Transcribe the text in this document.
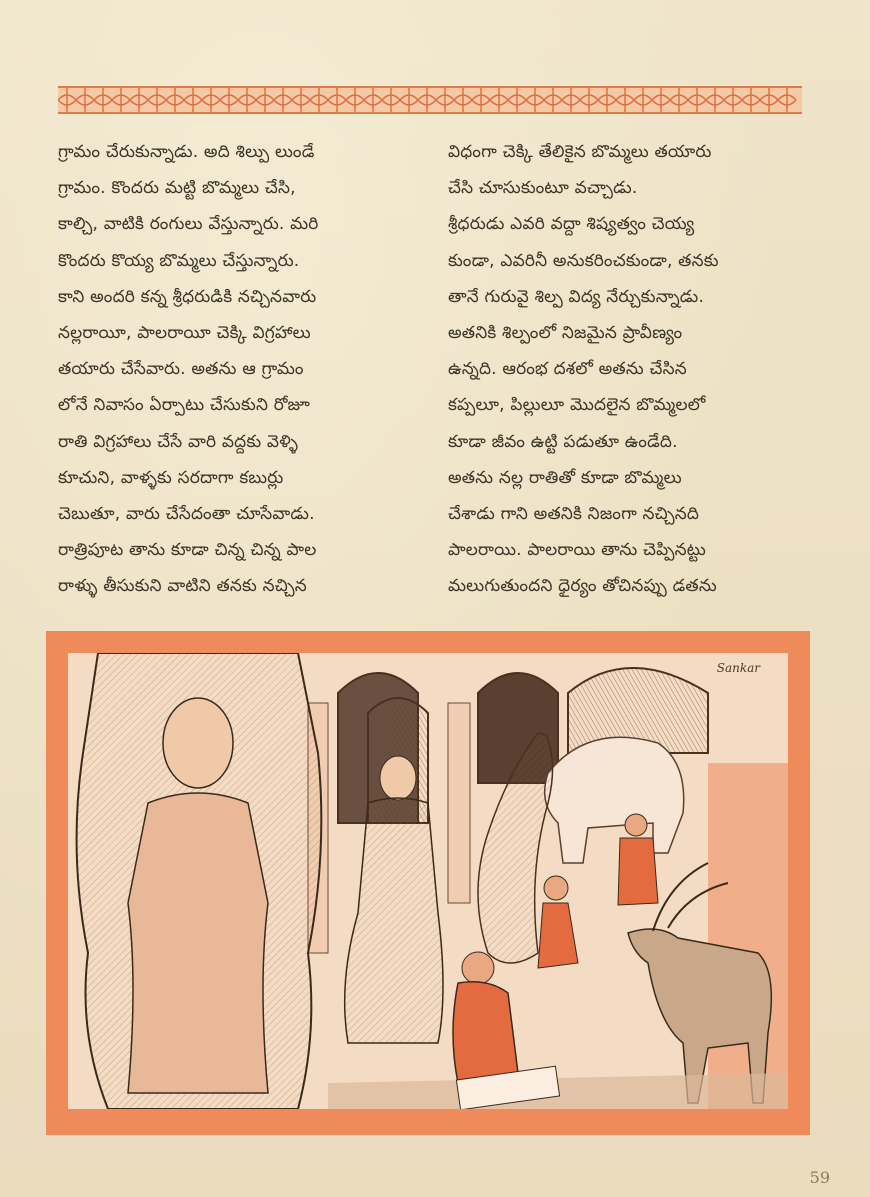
గ్రామం చేరుకున్నాడు. అది శిల్పు లుండే
గ్రామం. కొందరు మట్టి బొమ్మలు చేసి,
కాల్చి, వాటికి రంగులు వేస్తున్నారు. మరి
కొందరు కొయ్య బొమ్మలు చేస్తున్నారు.
కాని అందరి కన్న శ్రీధరుడికి నచ్చినవారు
నల్లరాయీ, పాలరాయీ చెక్కి విగ్రహాలు
తయారు చేసేవారు. అతను ఆ గ్రామం
లోనే నివాసం ఏర్పాటు చేసుకుని రోజూ
రాతి విగ్రహాలు చేసే వారి వద్దకు వెళ్ళి
కూచుని, వాళ్ళకు సరదాగా కబుర్లు
చెబుతూ, వారు చేసేదంతా చూసేవాడు.
రాత్రిపూట తాను కూడా చిన్న చిన్న పాల
రాళ్ళు తీసుకుని వాటిని తనకు నచ్చిన
విధంగా చెక్కి తేలికైన బొమ్మలు తయారు
చేసి చూసుకుంటూ వచ్చాడు.
శ్రీధరుడు ఎవరి వద్దా శిష్యత్వం చెయ్య
కుండా, ఎవరినీ అనుకరించకుండా, తనకు
తానే గురువై శిల్ప విద్య నేర్చుకున్నాడు.
అతనికి శిల్పంలో నిజమైన ప్రావీణ్యం
ఉన్నది. ఆరంభ దశలో అతను చేసిన
కప్పలూ, పిల్లులూ మొదలైన బొమ్మలలో
కూడా జీవం ఉట్టి పడుతూ ఉండేది.
అతను నల్ల రాతితో కూడా బొమ్మలు
చేశాడు గాని అతనికి నిజంగా నచ్చినది
పాలరాయి. పాలరాయి తాను చెప్పినట్టు
మలుగుతుందని ధైర్యం తోచినప్పు డతను
Sankar
59
